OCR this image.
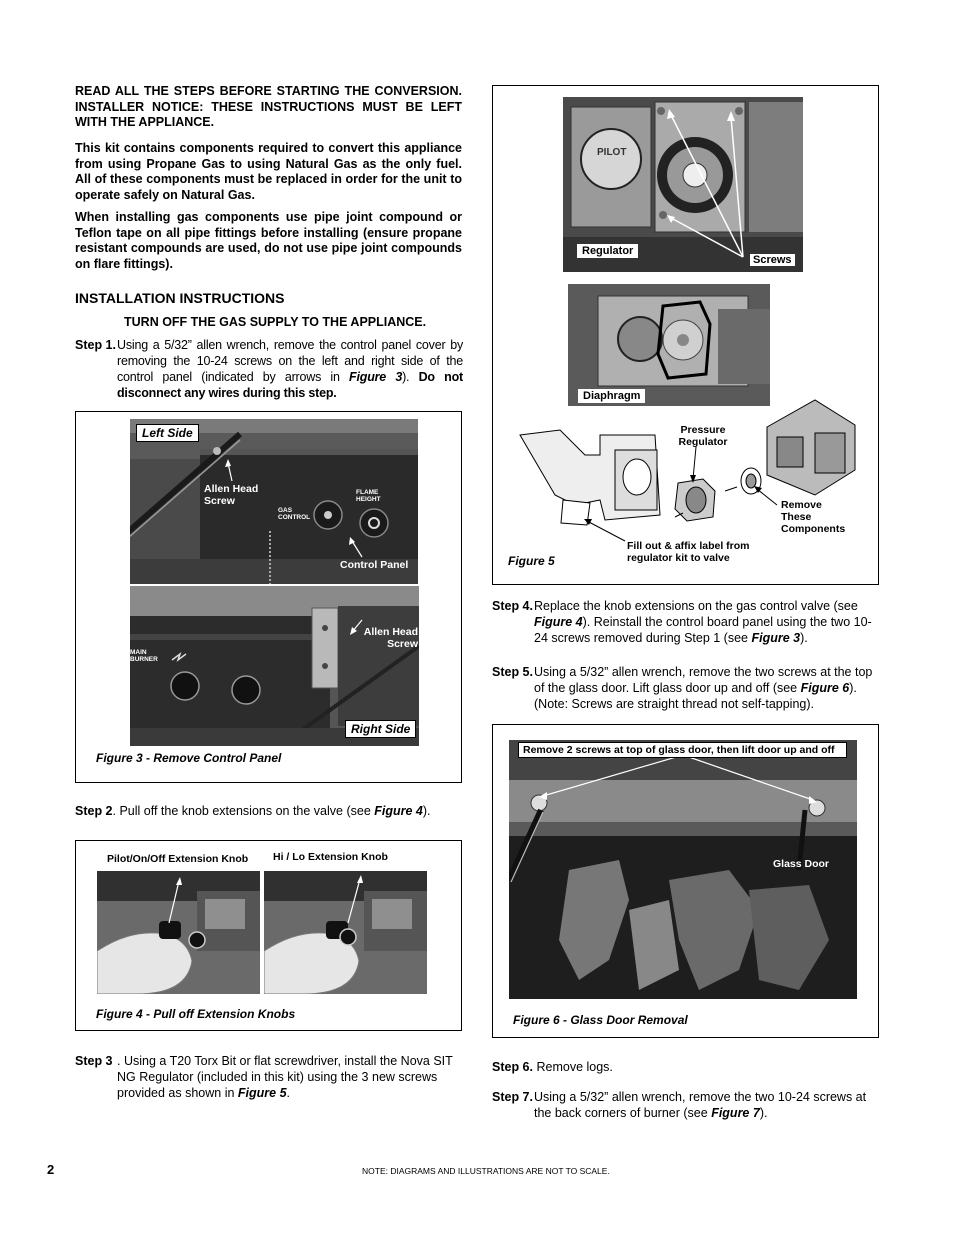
READ ALL THE STEPS BEFORE STARTING THE CONVERSION. INSTALLER NOTICE: THESE INSTRUCTIONS MUST BE LEFT WITH THE APPLIANCE.
This kit contains components required to convert this appliance from using Propane Gas to using Natural Gas as the only fuel. All of these components must be replaced in order for the unit to operate safely on Natural Gas.
When installing gas components use pipe joint compound or Teflon tape on all pipe fittings before installing (ensure propane resistant compounds are used, do not use pipe joint compounds on flare fittings).
INSTALLATION INSTRUCTIONS
TURN OFF THE GAS SUPPLY TO THE APPLIANCE.
Step 1. Using a 5/32” allen wrench, remove the control panel cover by removing the 10-24 screws on the left and right side of the control panel (indicated by arrows in Figure 3). Do not disconnect any wires during this step.
Left Side
Allen Head Screw
GAS CONTROL
FLAME HEIGHT
Control Panel
MAIN BURNER
Allen Head Screw
Right Side
Figure 3 - Remove Control Panel
Step 2. Pull off the knob extensions on the valve (see Figure 4).
Pilot/On/Off Extension Knob Hi / Lo Extension Knob
Figure 4 - Pull off Extension Knobs
Step 3 . Using a T20 Torx Bit or flat screwdriver, install the Nova SIT NG Regulator (included in this kit) using the 3 new screws provided as shown in Figure 5.
PILOT
Regulator
Screws
Diaphragm
Pressure Regulator
Remove These Components
Fill out & affix label from regulator kit to valve
Figure 5
Step 4. Replace the knob extensions on the gas control valve (see Figure 4). Reinstall the control board panel using the two 10-24 screws removed during Step 1 (see Figure 3).
Step 5. Using a 5/32” allen wrench, remove the two screws at the top of the glass door. Lift glass door up and off (see Figure 6). (Note: Screws are straight thread not self-tapping).
Glass Door
Remove 2 screws at top of glass door, then lift door up and off
Figure 6 - Glass Door Removal
Step 6. Remove logs.
Step 7. Using a 5/32” allen wrench, remove the two 10-24 screws at the back corners of burner (see Figure 7).
2	NOTE: DIAGRAMS AND ILLUSTRATIONS ARE NOT TO SCALE.
